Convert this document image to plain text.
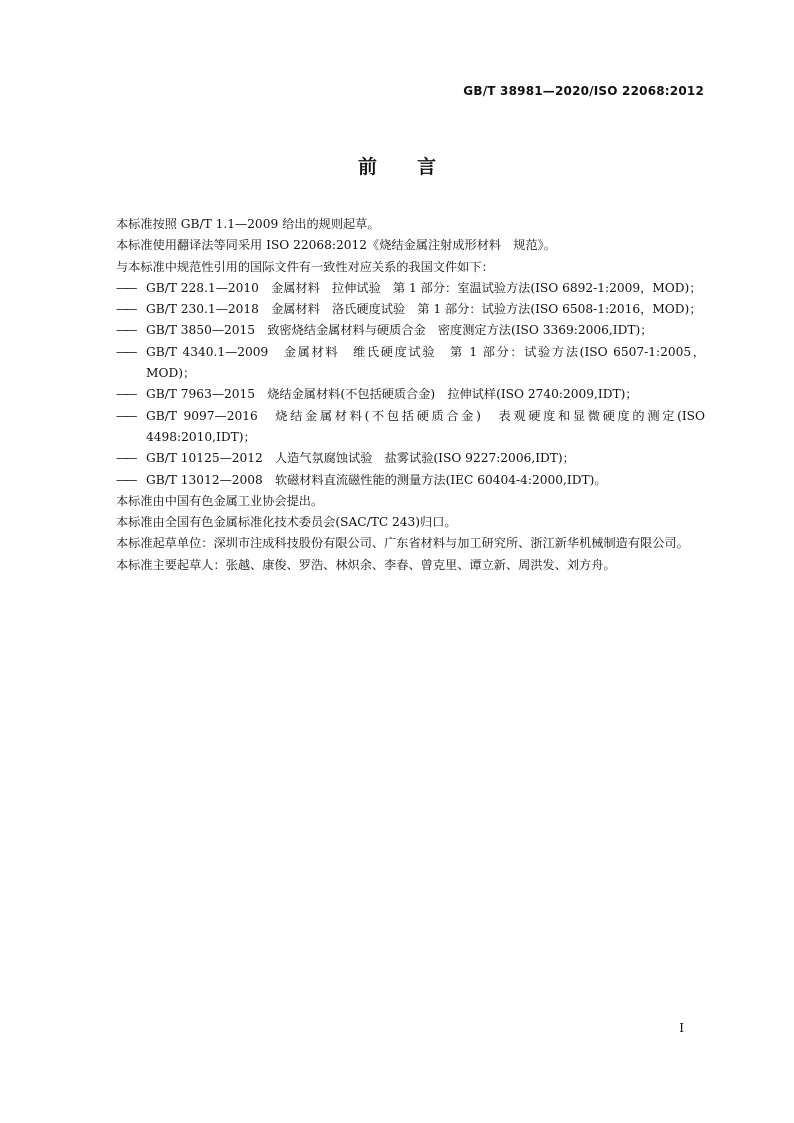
GB/T 38981—2020/ISO 22068:2012
前言

本标准按照 GB/T 1.1—2009 给出的规则起草。

本标准使用翻译法等同采用 ISO 22068:2012《烧结金属注射成形材料　规范》。

与本标准中规范性引用的国际文件有一致性对应关系的我国文件如下：

—— GB/T 228.1—2010　金属材料　拉伸试验　第 1 部分：室温试验方法(ISO 6892-1:2009，MOD)；

—— GB/T 230.1—2018　金属材料　洛氏硬度试验　第 1 部分：试验方法(ISO 6508-1:2016，MOD)；

—— GB/T 3850—2015　致密烧结金属材料与硬质合金　密度测定方法(ISO 3369:2006,IDT)；

—— GB/T 4340.1—2009　金属材料　维氏硬度试验　第 1 部分：试验方法(ISO 6507-1:2005，MOD)；

—— GB/T 7963—2015　烧结金属材料(不包括硬质合金)　拉伸试样(ISO 2740:2009,IDT)；

—— GB/T 9097—2016　烧结金属材料(不包括硬质合金)　表观硬度和显微硬度的测定(ISO 4498:2010,IDT)；

—— GB/T 10125—2012　人造气氛腐蚀试验　盐雾试验(ISO 9227:2006,IDT)；

—— GB/T 13012—2008　软磁材料直流磁性能的测量方法(IEC 60404-4:2000,IDT)。

本标准由中国有色金属工业协会提出。

本标准由全国有色金属标准化技术委员会(SAC/TC 243)归口。

本标准起草单位：深圳市注成科技股份有限公司、广东省材料与加工研究所、浙江新华机械制造有限公司。

本标准主要起草人：张越、康俊、罗浩、林炽余、李春、曾克里、谭立新、周洪发、刘方舟。

I
